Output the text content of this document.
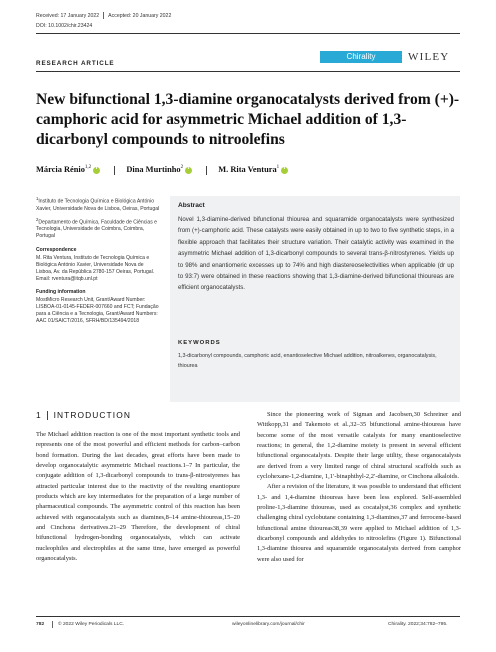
Received: 17 January 2022 Accepted: 20 January 2022
DOI: 10.1002/chir.23424
Chirality	WILEY
RESEARCH ARTICLE
New bifunctional 1,3-diamine organocatalysts derived from (+)-camphoric acid for asymmetric Michael addition of 1,3-dicarbonyl compounds to nitroolefins
Márcia Rénio$^{1,2}$ i	Dina Murtinho$^2$ i	M. Rita Ventura$^1$i

$^1$Instituto de Tecnologia Química e Biológica António Xavier, Universidade Nova de Lisboa, Oeiras, Portugal

$^2$Departamento de Química, Faculdade de Ciências e Tecnologia, Universidade de Coimbra, Coimbra, Portugal

Correspondence

M. Rita Ventura, Instituto de Tecnologia Química e Biológica António Xavier, Universidade Nova de Lisboa, Av. da República 2780-157 Oeiras, Portugal. Email: rventura@itqb.unl.pt

Funding information

MostMicro Research Unit, Grant/Award Number: LISBOA-01-0145-FEDER-007660 and FCT; Fundação para a Ciência e a Tecnologia, Grant/Award Numbers: AAC 01/SAICT/2016, SFRH/BD/135494/2018

Abstract
Novel 1,3-diamine-derived bifunctional thiourea and squaramide organocatalysts were synthesized from (+)-camphoric acid. These catalysts were easily obtained in up to two to five synthetic steps, in a flexible approach that facilitates their structure variation. Their catalytic activity was examined in the asymmetric Michael addition of 1,3-dicarbonyl compounds to several trans-β-nitrostyrenes. Yields up to 98% and enantiomeric excesses up to 74% and high diastereoselectivities when applicable (dr up to 93:7) were obtained in these reactions showing that 1,3-diamine-derived bifunctional thioureas are efficient organocatalysts.
KEYWORDS
1,3-dicarbonyl compounds, camphoric acid, enantioselective Michael addition, nitroalkenes, organocatalysis, thiourea
1 INTRODUCTION

The Michael addition reaction is one of the most important synthetic tools and represents one of the most powerful and efficient methods for carbon–carbon bond formation. During the last decades, great efforts have been made to develop organocatalytic asymmetric Michael reactions.1–7 In particular, the conjugate addition of 1,3-dicarbonyl compounds to trans-β-nitrostyrenes has attracted particular interest due to the reactivity of the resulting enantiopure products which are key intermediates for the preparation of a large number of pharmaceutical compounds. The asymmetric control of this reaction has been achieved with organocatalysts such as diamines,8–14 amine-thioureas,15–20 and Cinchona derivatives.21–29 Therefore, the development of chiral bifunctional hydrogen-bonding organocatalysts, which can activate nucleophiles and electrophiles at the same time, have emerged as powerful organocatalysts.

Since the pioneering work of Sigman and Jacobsen,30 Schreiner and Wittkopp,31 and Takemoto et al.,32–35 bifunctional amine-thioureas have become some of the most versatile catalysts for many enantioselective reactions; in general, the 1,2-diamine moiety is present in several efficient bifunctional organocatalysts. Despite their large utility, these organocatalysts are derived from a very limited range of chiral structural scaffolds such as cyclohexane-1,2-diamine, 1,1′-binaphthyl-2,2′-diamine, or Cinchona alkaloids.

After a revision of the literature, it was possible to understand that efficient 1,3- and 1,4-diamine thioureas have been less explored. Self-assembled proline-1,3-diamine thioureas, used as cocatalyst,36 complex and synthetic challenging chiral cyclobutane containing 1,3-diamines,37 and ferrocene-based bifunctional amine thioureas38,39 were applied to Michael addition of 1,3-dicarbonyl compounds and aldehydes to nitroolefins (Figure 1). Bifunctional 1,3-diamine thiourea and squaramide organocatalysts derived from camphor were also used for

782	© 2022 Wiley Periodicals LLC.	wileyonlinelibrary.com/journal/chir	Chirality. 2022;34:782–795.
